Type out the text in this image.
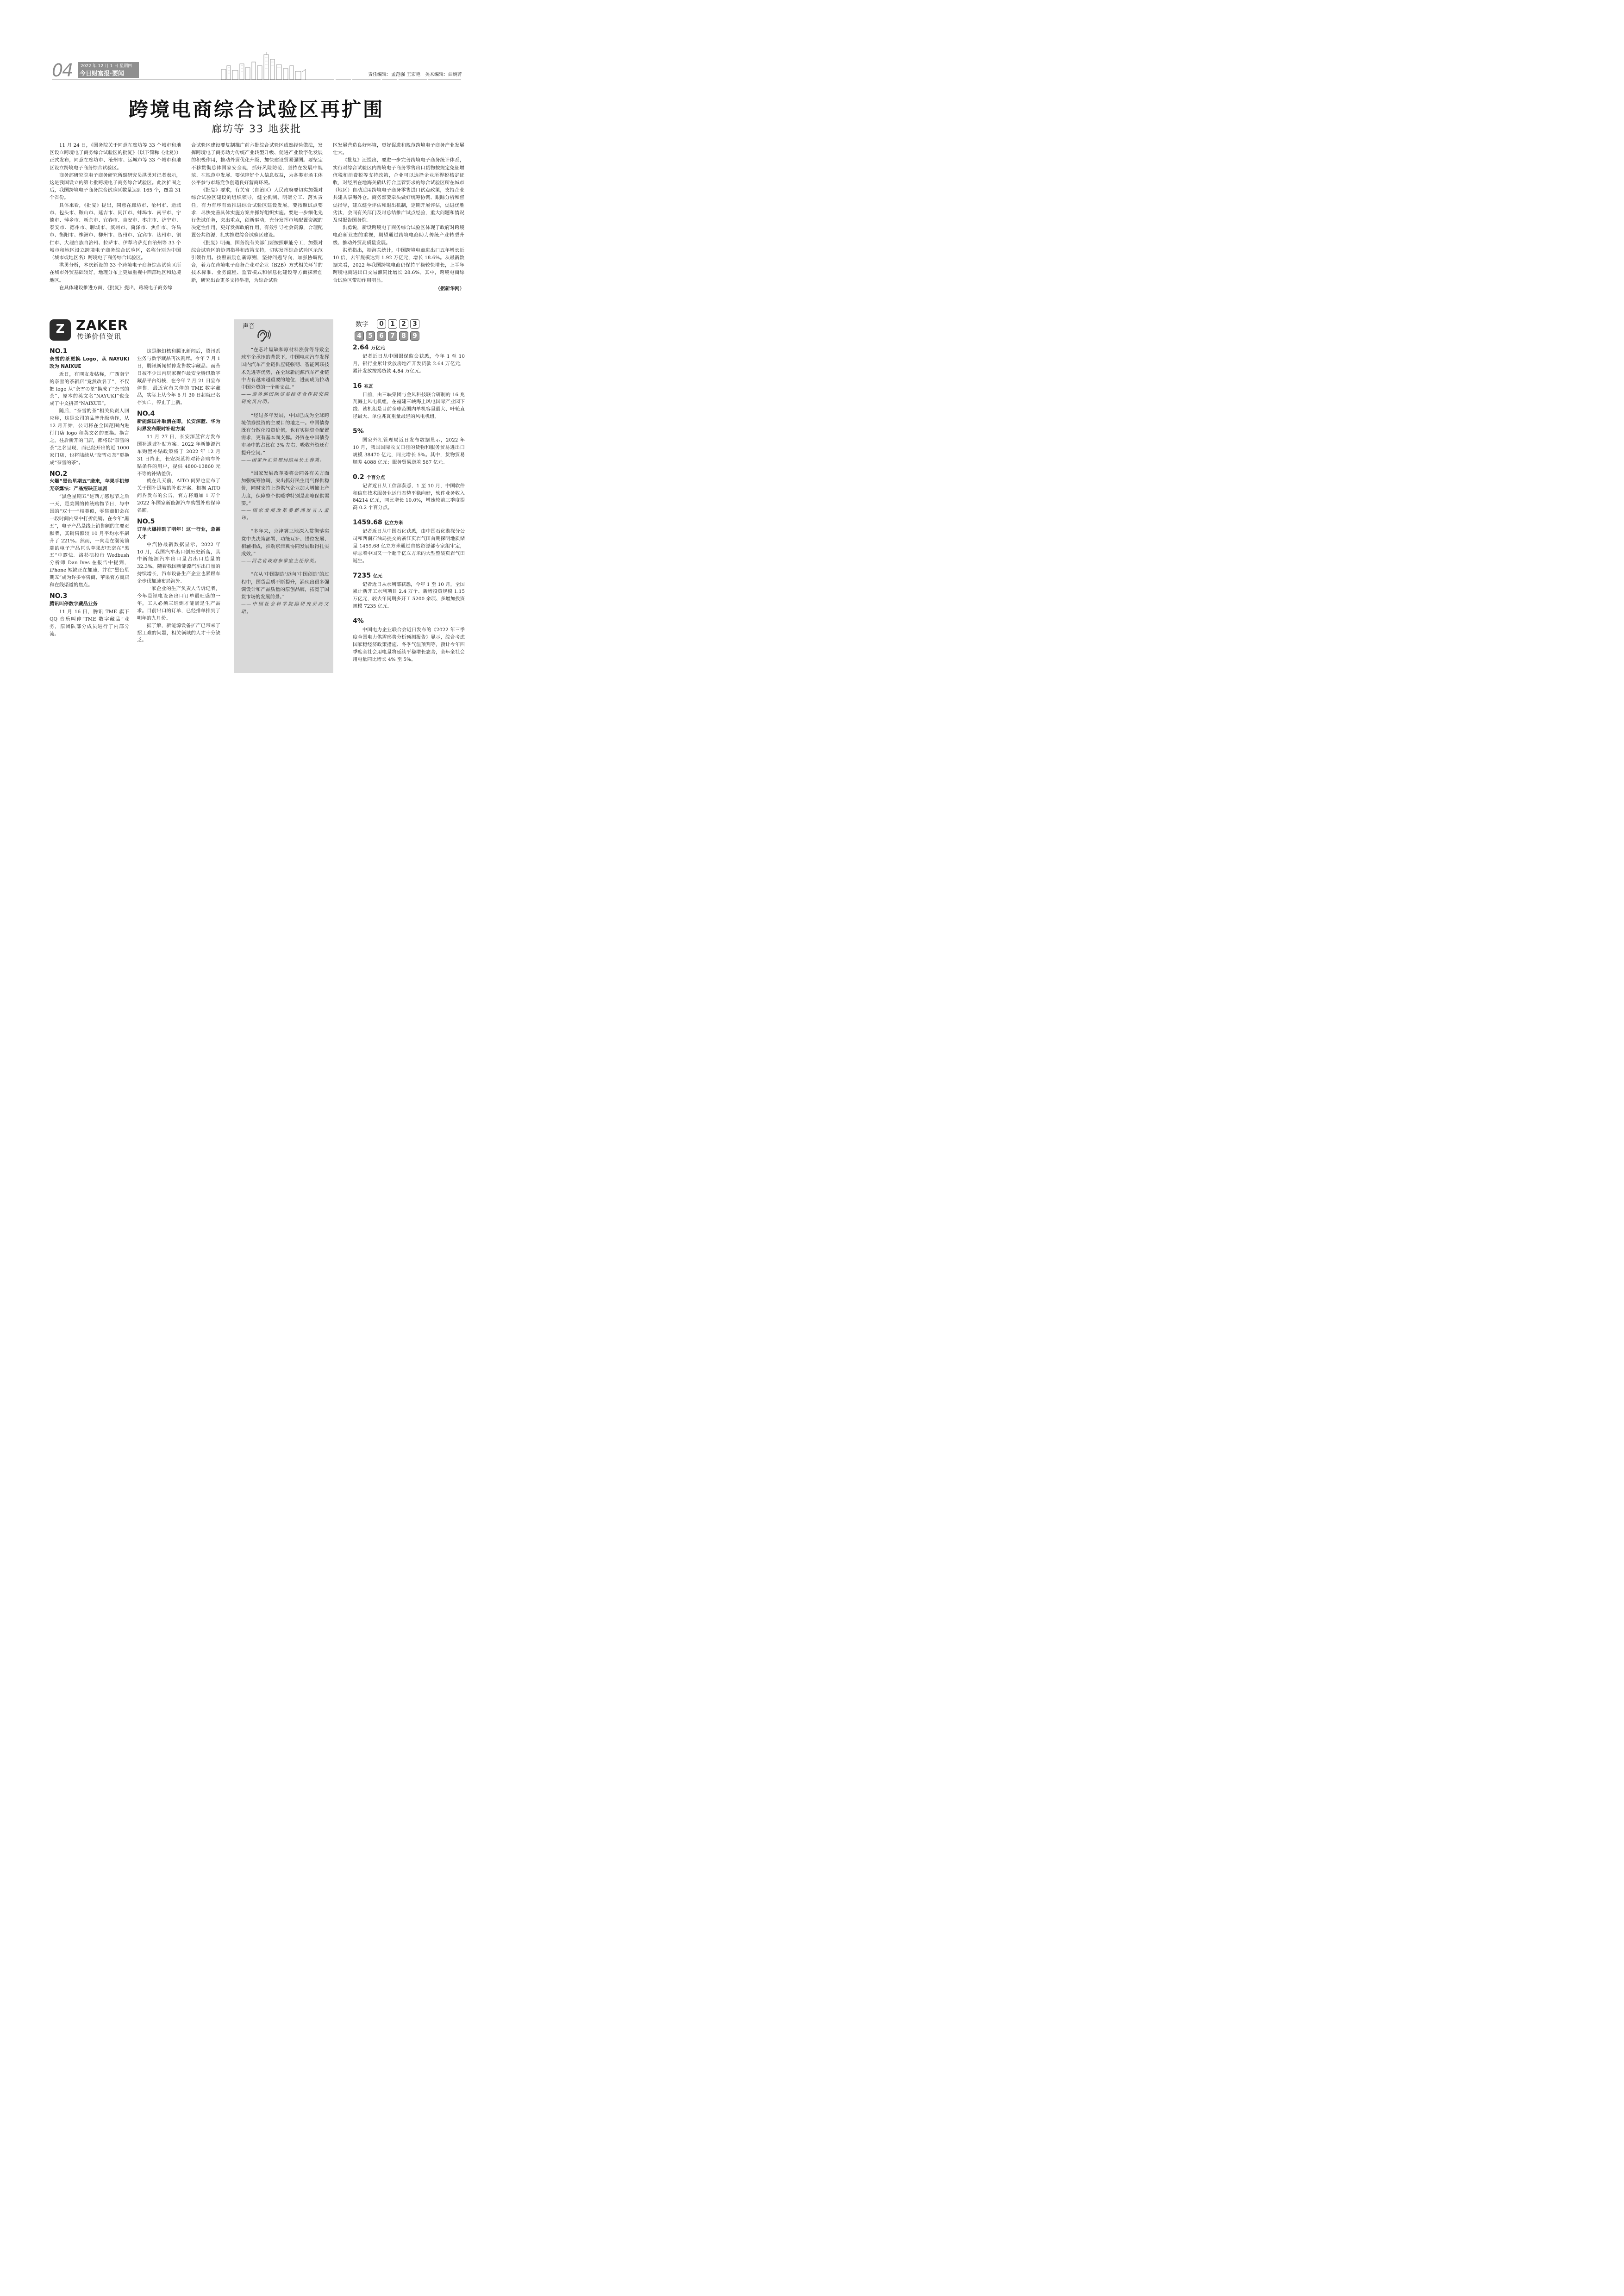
04 2022 年 12 月 1 日 星期四
今日财富报·要闻	责任编辑：孟范强 王宏艳　美术编辑：曲婉菁
跨境电商综合试验区再扩围
廊坊等 33 地获批

11 月 24 日，《国务院关于同意在廊坊等 33 个城市和地区设立跨境电子商务综合试验区的批复》（以下简称《批复》）正式发布，同意在廊坊市、沧州市、运城市等 33 个城市和地区设立跨境电子商务综合试验区。

商务部研究院电子商务研究所副研究员洪勇对记者表示，这是我国设立的第七批跨境电子商务综合试验区。此次扩围之后，我国跨境电子商务综合试验区数量达到 165 个，覆盖 31 个省份。

具体来看，《批复》提出，同意在廊坊市、沧州市、运城市、包头市、鞍山市、延吉市、同江市、蚌埠市、南平市、宁德市、萍乡市、新余市、宜春市、吉安市、枣庄市、济宁市、泰安市、德州市、聊城市、滨州市、菏泽市、焦作市、许昌市、衡阳市、株洲市、柳州市、贺州市、宜宾市、达州市、铜仁市、大理白族自治州、拉萨市、伊犁哈萨克自治州等 33 个城市和地区设立跨境电子商务综合试验区，名称分别为中国（城市或地区名）跨境电子商务综合试验区。

洪勇分析，本次新设的 33 个跨境电子商务综合试验区所在城市外贸基础较好，地理分布上更加重视中西部地区和边境地区。

在具体建设推进方面，《批复》提出，跨境电子商务综

合试验区建设要复制推广前六批综合试验区成熟经验做法，发挥跨境电子商务助力传统产业转型升级、促进产业数字化发展的积极作用，推动外贸优化升级，加快建设贸易强国。要坚定不移贯彻总体国家安全观，抓好风险防范，坚持在发展中规范、在规范中发展。要保障好个人信息权益，为各类市场主体公平参与市场竞争创造良好营商环境。

《批复》要求，有关省（自治区）人民政府要切实加强对综合试验区建设的组织领导，健全机制、明确分工、落实责任，有力有序有效推进综合试验区建设发展。要按照试点要求，尽快完善具体实施方案并抓好组织实施。要进一步细化先行先试任务，突出重点，创新驱动，充分发挥市场配置资源的决定性作用，更好发挥政府作用，有效引导社会资源，合理配置公共资源，扎实推进综合试验区建设。

《批复》明确，国务院有关部门要按照职能分工，加强对综合试验区的协调指导和政策支持，切实发挥综合试验区示范引领作用。按照鼓励创新原则，坚持问题导向，加强协调配合，着力在跨境电子商务企业对企业（B2B）方式相关环节的技术标准、业务流程、监管模式和信息化建设等方面探索创新，研究出台更多支持举措，为综合试验

区发展营造良好环境，更好促进和规范跨境电子商务产业发展壮大。

《批复》还提出，要进一步完善跨境电子商务统计体系，实行对综合试验区内跨境电子商务零售出口货物按规定免征增值税和消费税等支持政策，企业可以选择企业所得税核定征收，对经所在地海关确认符合监管要求的综合试验区所在城市（地区）自动适用跨境电子商务零售进口试点政策，支持企业共建共享海外仓。商务部要牵头做好统筹协调、跟踪分析和督促指导，建立健全评估和退出机制，定期开展评估，促进优胜劣汰，会同有关部门及时总结推广试点经验，重大问题和情况及时报告国务院。

洪勇说，新设跨境电子商务综合试验区体现了政府对跨境电商新业态的重视，期望通过跨境电商助力传统产业转型升级、推动外贸高质量发展。

洪勇指出，据海关统计，中国跨境电商进出口五年增长近 10 倍，去年规模达到 1.92 万亿元，增长 18.6%。从最新数据来看，2022 年我国跨境电商仍保持平稳较快增长，上半年跨境电商进出口交易额同比增长 28.6%。其中，跨境电商综合试验区带动作用明显。

（据新华网）
Z ZAKER
传递价值资讯
NO.1
奈雪的茶更换 Logo，从 NAYUKI 改为 NAIXUE

近日，有网友发帖称，广西南宁的奈雪的茶新店“竟然改名了”，不仅把 logo 从“奈雪の茶”换成了“奈雪的茶”，原本的英文名“NAYUKI”也变成了中文拼音“NAIXUE”。

随后，“奈雪的茶”相关负责人回应称，这是公司的品牌升级动作，从 12 月开始，公司将在全国范围内进行门店 logo 和英文名的更换。换言之，往后新开的门店，都将以“奈雪的茶”之名呈现，而已经开出的近 1000 家门店，也将陆续从“奈雪の茶”更换成“奈雪的茶”。

NO.2
火爆“黑色星期五”袭来，苹果手机却无奈露怯：产品短缺正加剧

“黑色星期五”是西方感恩节之后一天，是美国的传统购物节日，与中国的“双十一”相类似，零售商们会在一段时间内集中打折促销。在今年“黑五”，电子产品是线上销售额的主要贡献者，其销售额较 10 月平均水平飙升了 221%。然而，一向走在潮流前端的电子产品巨头苹果却无奈在“黑五”中露怯。洛杉矶投行 Wedbush 分析师 Dan Ives 在报告中提到，iPhone 短缺正在加速，并在“黑色星期五”成为许多零售商、苹果官方商店和在线渠道的焦点。

NO.3
腾讯叫停数字藏品业务

11 月 16 日，腾讯 TME 旗下 QQ 音乐叫停“TME 数字藏品”业务，原团队部分成员进行了内部分流。

这是继幻核和腾讯新闻后，腾讯系业务与数字藏品再次割席。今年 7 月 1 日，腾讯新闻暂停发售数字藏品。而昔日被不少国内玩家视作最安全腾讯数字藏品平台幻核，在今年 7 月 21 日宣布停售。最近宣布关停的 TME 数字藏品，实际上从今年 6 月 30 日起就已名存实亡，停止了上新。

NO.4
新能源国补取消在即，长安深蓝、华为问界发布限时补贴方案

11 月 27 日，长安深蓝官方发布国补退坡补贴方案。2022 年新能源汽车购置补贴政策将于 2022 年 12 月 31 日终止，长安深蓝将对符合购车补贴条件的用户，提供 4800-13860 元不等的补贴差价。

就在几天前，AITO 问界也宣布了关于国补退坡的补贴方案。根据 AITO 问界发布的公告，官方将追加 1 万个 2022 年国家新能源汽车购置补贴保障名额。

NO.5
订单火爆排到了明年！这一行业，急需人才

中汽协最新数据显示，2022 年 10 月，我国汽车出口创历史新高，其中新能源汽车出口量占出口总量的 32.3%。随着我国新能源汽车出口量的持续增长，汽车设备生产企业也紧跟车企步伐加速布局海外。

一家企业的生产负责人告诉记者，今年是锂电设备出口订单最旺盛的一年，工人必须三班倒才能满足生产需求。目前出口的订单，已经排单排到了明年的九月份。

据了解，新能源设备扩产已带来了招工难的问题，相关领域的人才十分缺乏。

声音

“在芯片短缺和原材料涨价等导致全球车企承压的背景下，中国电动汽车发挥国内汽车产业链供应链强韧、智能网联技术先进等优势，在全球新能源汽车产业链中占有越来越重要的地位，进而成为拉动中国外贸的一个新支点。”
——商务部国际贸易经济合作研究院研究员白明。

“经过多年发展，中国已成为全球跨境债券投资的主要目的地之一。中国债券既有分散化投资价值，也有实际资金配置需求，更有基本面支撑。外资在中国债券市场中的占比在 3% 左右，吸收外资还有提升空间。”
——国家外汇管理局副局长王春英。

“国家发展改革委将会同各有关方面加强统筹协调，突出抓好民生用气保供稳价，同时支持上游供气企业加大增储上产力度，保障整个供暖季特别是高峰保供需要。”
——国家发展改革委新闻发言人孟玮。

“多年来，京津冀三地深入贯彻落实党中央决策部署，功能互补、错位发展、相辅相成，推动京津冀协同发展取得扎实成效。”
——河北省政府参事室主任徐英。

“在从‘中国制造’迈向‘中国创造’的过程中，国货品质不断提升，涌现出很多强调设计和产品质量的原创品牌，拓宽了国货市场的发展前景。”
——中国社会科学院副研究员高文珺。

数字	0	1	2	3
4	5	6	7	8	9
2.64 万亿元

记者近日从中国银保监会获悉，今年 1 至 10 月，银行业累计发放房地产开发贷款 2.64 万亿元，累计发放按揭贷款 4.84 万亿元。

16 兆瓦

日前，由三峡集团与金风科技联合研制的 16 兆瓦海上风电机组，在福建三峡海上风电国际产业园下线。该机组是目前全球范围内单机容量最大、叶轮直径最大、单位兆瓦重量最轻的风电机组。

5%

国家外汇管理局近日发布数据显示，2022 年 10 月，我国国际收支口径的货物和服务贸易进出口规模 38470 亿元，同比增长 5%。其中，货物贸易顺差 4088 亿元；服务贸易逆差 567 亿元。

0.2 个百分点

记者近日从工信部获悉，1 至 10 月，中国软件和信息技术服务业运行态势平稳向好，软件业务收入 84214 亿元，同比增长 10.0%，增速较前三季度提高 0.2 个百分点。

1459.68 亿立方米

记者近日从中国石化获悉，由中国石化勘探分公司和西南石油局提交的綦江页岩气田首期探明地质储量 1459.68 亿立方米通过自然资源部专家组审定，标志着中国又一个超千亿立方米的大型整装页岩气田诞生。

7235 亿元

记者近日从水利部获悉，今年 1 至 10 月，全国累计新开工水利项目 2.4 万个、新增投资规模 1.15 万亿元，较去年同期多开工 5200 余项、多增加投资规模 7235 亿元。

4%

中国电力企业联合会近日发布的《2022 年三季度全国电力供需形势分析预测报告》显示，综合考虑国家稳经济政策措施、冬季气温预判等，预计今年四季度全社会用电量将延续平稳增长态势，全年全社会用电量同比增长 4% 至 5%。
